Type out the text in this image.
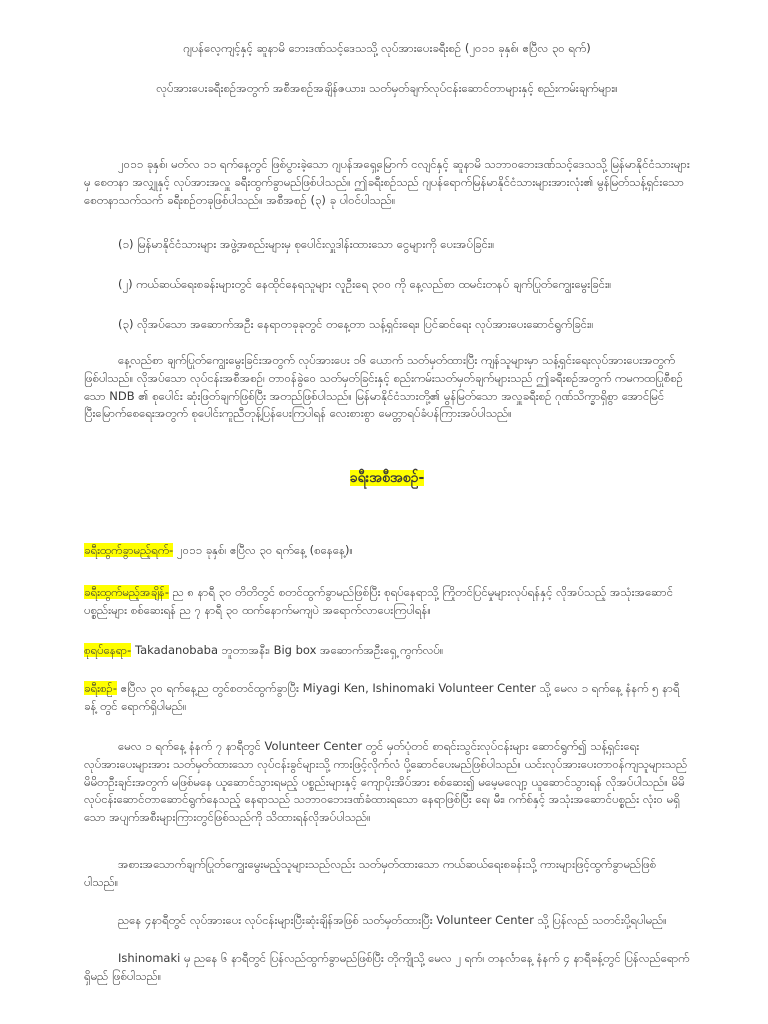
ဂျပန်လေ့ကျင့်နှင့် ဆူနာမိ ဘေးဒဏ်သင့်ဒေသသို့ လုပ်အားပေးခရီးစဉ် (၂၀၁၁ ခုနှစ်၊ ဧပြီလ ၃၀ ရက်)

လုပ်အားပေးခရီးစဉ်အတွက် အစီအစဉ်အချိန်ဇယား၊ သတ်မှတ်ချက်လုပ်ငန်းဆောင်တာများနှင့် စည်းကမ်းချက်များ။

၂၀၁၁ ခုနှစ်၊ မတ်လ ၁၁ ရက်နေ့တွင် ဖြစ်ပွားခဲ့သော ဂျပန်အရှေ့မြောက် ငလျင်နှင့် ဆူနာမိ သဘာဝဘေးဒဏ်သင့်ဒေသသို့ မြန်မာနိုင်ငံသားများမှ စေတနာ အလျှုနှင့် လုပ်အားအလှူ ခရီးထွက်ခွာမည်ဖြစ်ပါသည်။ ဤခရီးစဉ်သည် ဂျပန်ရောက်မြန်မာနိုင်ငံသားများအားလုံး၏ မွန်မြတ်သန့်ရှင်းသော စေတနာသက်သက် ခရီးစဉ်တခုဖြစ်ပါသည်။ အစီအစဉ် (၃) ခု ပါဝင်ပါသည်။

(၁) မြန်မာနိုင်ငံသားများ အဖွဲ့အစည်းများမှ စုပေါင်းလှူဒါန်းထားသော ငွေများကို ပေးအပ်ခြင်း။

(၂) ကယ်ဆယ်ရေးစခန်းများတွင် နေထိုင်နေရသူများ လူဦးရေ ၃၀၀ ကို နေ့လည်စာ ထမင်းတနပ် ချက်ပြုတ်ကျွေးမွေးခြင်း။

(၃) လိုအပ်သော အဆောက်အဦး နေရာတခုခုတွင် တနေ့တာ သန့်ရှင်းရေး၊ ပြင်ဆင်ရေး လုပ်အားပေးဆောင်ရွက်ခြင်း။

နေ့လည်စာ ချက်ပြုတ်ကျွေးမွေးခြင်းအတွက် လုပ်အားပေး ၁၆ ယောက် သတ်မှတ်ထားပြီး ကျန်သူများမှာ သန့်ရှင်းရေးလုပ်အားပေးအတွက်ဖြစ်ပါသည်။ လိုအပ်သော လုပ်ငန်းအစီအစဉ်၊ တာဝန်ခွဲဝေ သတ်မှတ်ခြင်းနှင့် စည်းကမ်းသတ်မှတ်ချက်များသည် ဤခရီးစဉ်အတွက် ကမကထပြုစီစဉ်သော NDB ၏ စုပေါင်း ဆုံးဖြတ်ချက်ဖြစ်ပြီး အတည်ဖြစ်ပါသည်။ မြန်မာနိုင်ငံသားတို့၏ မွန်မြတ်သော အလှူခရီးစဉ် ဂုဏ်သိက္ခာရှိစွာ အောင်မြင်ပြီးမြောက်စေရေးအတွက် စုပေါင်းကူညီတုန့်ပြန်ပေးကြပါရန် လေးစားစွာ မေတ္တာရပ်ခံပန်ကြားအပ်ပါသည်။

ခရီးအစီအစဉ်-

ခရီးထွက်ခွာမည့်ရက်- ၂၀၁၁ ခုနှစ်၊ ဧပြီလ ၃၀ ရက်နေ့ (စနေနေ့)။

ခရီးထွက်မည့်အချိန်- ည ၈ နာရီ ၃၀ တိတိတွင် စတင်ထွက်ခွာမည်ဖြစ်ပြီး စုရပ်နေရာသို့ ကြိုတင်ပြင်မှုများလုပ်ရန်နှင့် လိုအပ်သည့် အသုံးအဆောင်ပစ္စည်းများ စစ်ဆေးရန် ည ၇ နာရီ ၃၀ ထက်နောက်မကျပဲ အရောက်လာပေးကြပါရန်။

စုရပ်နေရာ- Takadanobaba ဘူတာအနီး၊ Big box အဆောက်အဦးရှေ့ ကွက်လပ်။

ခရီးစဉ်- ဧပြီလ ၃၀ ရက်နေ့ည တွင်စတင်ထွက်ခွာပြီး Miyagi Ken, Ishinomaki Volunteer Center သို့ မေလ ၁ ရက်နေ့ နံနက် ၅ နာရီခန့် တွင် ရောက်ရှိပါမည်။

မေလ ၁ ရက်နေ့ နံနက် ၇ နာရီတွင် Volunteer Center တွင် မှတ်ပုံတင် စာရင်းသွင်းလုပ်ငန်းများ ဆောင်ရွက်၍ သန့်ရှင်းရေးလုပ်အားပေးများအား သတ်မှတ်ထားသော လုပ်ငန်းခွင်များသို့ ကားဖြင့်လိုက်လံ ပို့ဆောင်ပေးမည်ဖြစ်ပါသည်။ ယင်းလုပ်အားပေးတာဝန်ကျသူများသည် မိမိတဦးချင်းအတွက် မဖြစ်မနေ ယူဆောင်သွားရမည့် ပစ္စည်းများနှင့် ကျောပိုးအိပ်အား စစ်ဆေး၍ မမေ့မလျော့ ယူဆောင်သွားရန် လိုအပ်ပါသည်။ မိမိလုပ်ငန်းဆောင်တာဆောင်ရွက်နေသည့် နေရာသည် သဘာဝဘေးဒဏ်ခံထားရသော နေရာဖြစ်ပြီး ရေ၊ မီး၊ ဂက်စ်နှင့် အသုံးအဆောင်ပစ္စည်း လုံးဝ မရှိသော အပျက်အစီးများကြားတွင်ဖြစ်သည်ကို သိထားရန်လိုအပ်ပါသည်။

အစားအသောက်ချက်ပြုတ်ကျွေးမွေးမည့်သူများသည်လည်း သတ်မှတ်ထားသော ကယ်ဆယ်ရေးစခန်းသို့ ကားများဖြင့်ထွက်ခွာမည်ဖြစ်ပါသည်။

ညနေ ၄နာရီတွင် လုပ်အားပေး လုပ်ငန်းများပြီးဆုံးချိန်အဖြစ် သတ်မှတ်ထားပြီး Volunteer Center သို့ ပြန်လည် သတင်းပို့ရပါမည်။

Ishinomaki မှ ညနေ ၆ နာရီတွင် ပြန်လည်ထွက်ခွာမည်ဖြစ်ပြီး တိုကျိုသို့ မေလ ၂ ရက်၊ တနင်္လာနေ့ နံနက် ၄ နာရီခန့်တွင် ပြန်လည်ရောက်ရှိမည် ဖြစ်ပါသည်။
